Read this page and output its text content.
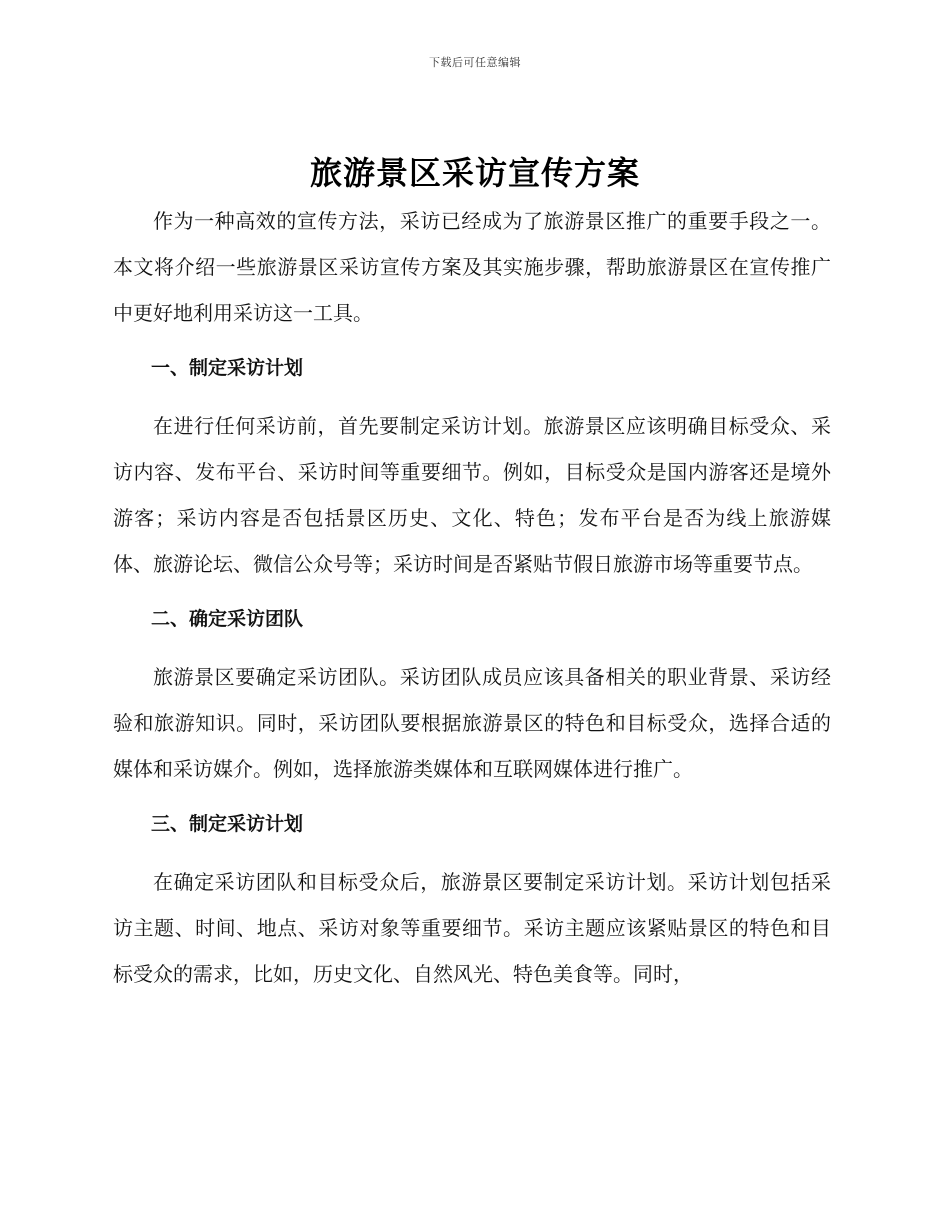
下载后可任意编辑
旅游景区采访宣传方案

作为一种高效的宣传方法，采访已经成为了旅游景区推广的重要手段之一。本文将介绍一些旅游景区采访宣传方案及其实施步骤，帮助旅游景区在宣传推广中更好地利用采访这一工具。

一、制定采访计划

在进行任何采访前，首先要制定采访计划。旅游景区应该明确目标受众、采访内容、发布平台、采访时间等重要细节。例如，目标受众是国内游客还是境外游客；采访内容是否包括景区历史、文化、特色；发布平台是否为线上旅游媒体、旅游论坛、微信公众号等；采访时间是否紧贴节假日旅游市场等重要节点。

二、确定采访团队

旅游景区要确定采访团队。采访团队成员应该具备相关的职业背景、采访经验和旅游知识。同时，采访团队要根据旅游景区的特色和目标受众，选择合适的媒体和采访媒介。例如，选择旅游类媒体和互联网媒体进行推广。

三、制定采访计划

在确定采访团队和目标受众后，旅游景区要制定采访计划。采访计划包括采访主题、时间、地点、采访对象等重要细节。采访主题应该紧贴景区的特色和目标受众的需求，比如，历史文化、自然风光、特色美食等。同时，
